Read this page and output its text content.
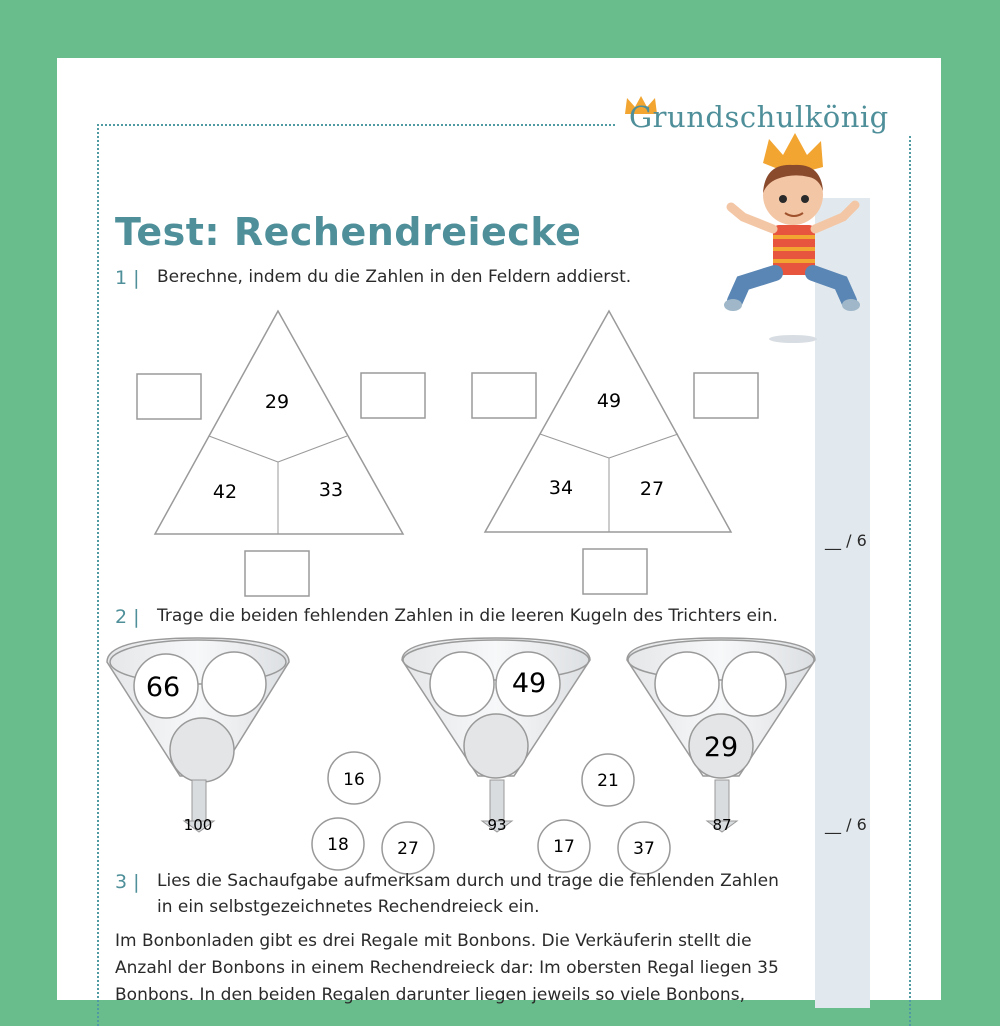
Grundschulkönig
Test: Rechendreiecke
1 | Berechne, indem du die Zahlen in den Feldern addierst.
29
42	33
49
34	27
__ / 6
2 | Trage die beiden fehlenden Zahlen in die leeren Kugeln des Trichters ein.
66
100
49
93
29
87
16
18	27
21
17	37
__ / 6
3 | Lies die Sachaufgabe aufmerksam durch und trage die fehlenden Zahlen
in ein selbstgezeichnetes Rechendreieck ein.
Im Bonbonladen gibt es drei Regale mit Bonbons. Die Verkäuferin stellt die
Anzahl der Bonbons in einem Rechendreieck dar: Im obersten Regal liegen 35
Bonbons. In den beiden Regalen darunter liegen jeweils so viele Bonbons,
